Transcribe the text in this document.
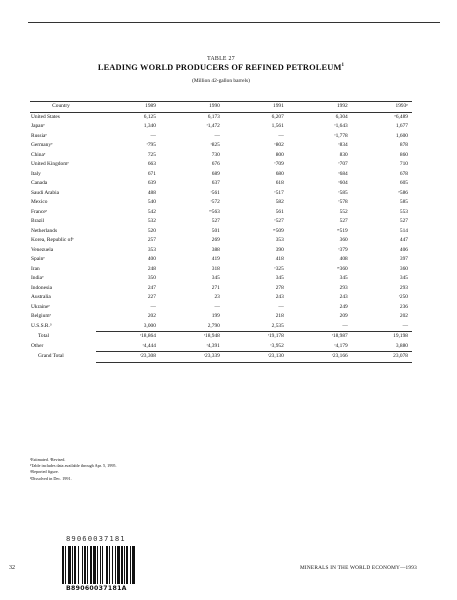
TABLE 27
LEADING WORLD PRODUCERS OF REFINED PETROLEUM$^1$
(Million 42-gallon barrels)
Country	1989	1990	1991	1992	1993ᵖ
United States	6,125	6,173	6,207	6,304	ᵉ6,489
Japanᵉ	1,340	ʳ1,472	1,561	ʳ1,643	1,677
Russiaᵉ	—	—	—	ʳ1,778	1,600
Germanyᵉ	ʳ795	ʳ825	ʳ802	ʳ834	878
Chinaᵉ	725	730	800	830	860
United Kingdomᵉ	663	676	ʳ709	ʳ707	710
Italy	671	689	680	ʳ684	678
Canada	639	637	618	ʳ604	605
Saudi Arabia	488	ʳ561	ʳ517	ʳ585	ᵉ586
Mexico	540	ʳ572	582	ʳ578	585
Franceᵉ	542	ᵉʳ563	561	552	553
Brazil	532	527	ʳ527	527	527
Netherlands	520	501	ᵉʳ509	ᵉʳ519	514
Korea, Republic ofᵉ	257	269	353	360	447
Venezuela	353	388	390	ʳ379	406
Spainᵉ	400	419	418	408	397
Iran	248	318	ʳ325	ᵉʳ360	360
Indiaᵉ	350	345	345	345	345
Indonesia	247	271	278	293	293
Australia	227	23	243	243	ʳ250
Ukraineᵉ	—	—	—	249	236
Belgiumᵉ	202	199	218	209	202
U.S.S.R.³	3,000	2,790	2,535	—	—
Total	ʳ18,864	ʳ18,948	ʳ19,178	ʳ18,987	19,198
Other	ʳ4,444	ʳ4,391	ʳ3,952	ʳ4,179	3,880
Grand Total	ʳ23,308	ʳ23,339	ʳ23,130	ʳ23,166	23,078
ᵉEstimated. ʳRevised.
¹Table includes data available through Apr. 5, 1995.
ᵖReported figure.
³Dissolved in Dec. 1991.
89060037181
B89060037181A
32	MINERALS IN THE WORLD ECONOMY—1993
